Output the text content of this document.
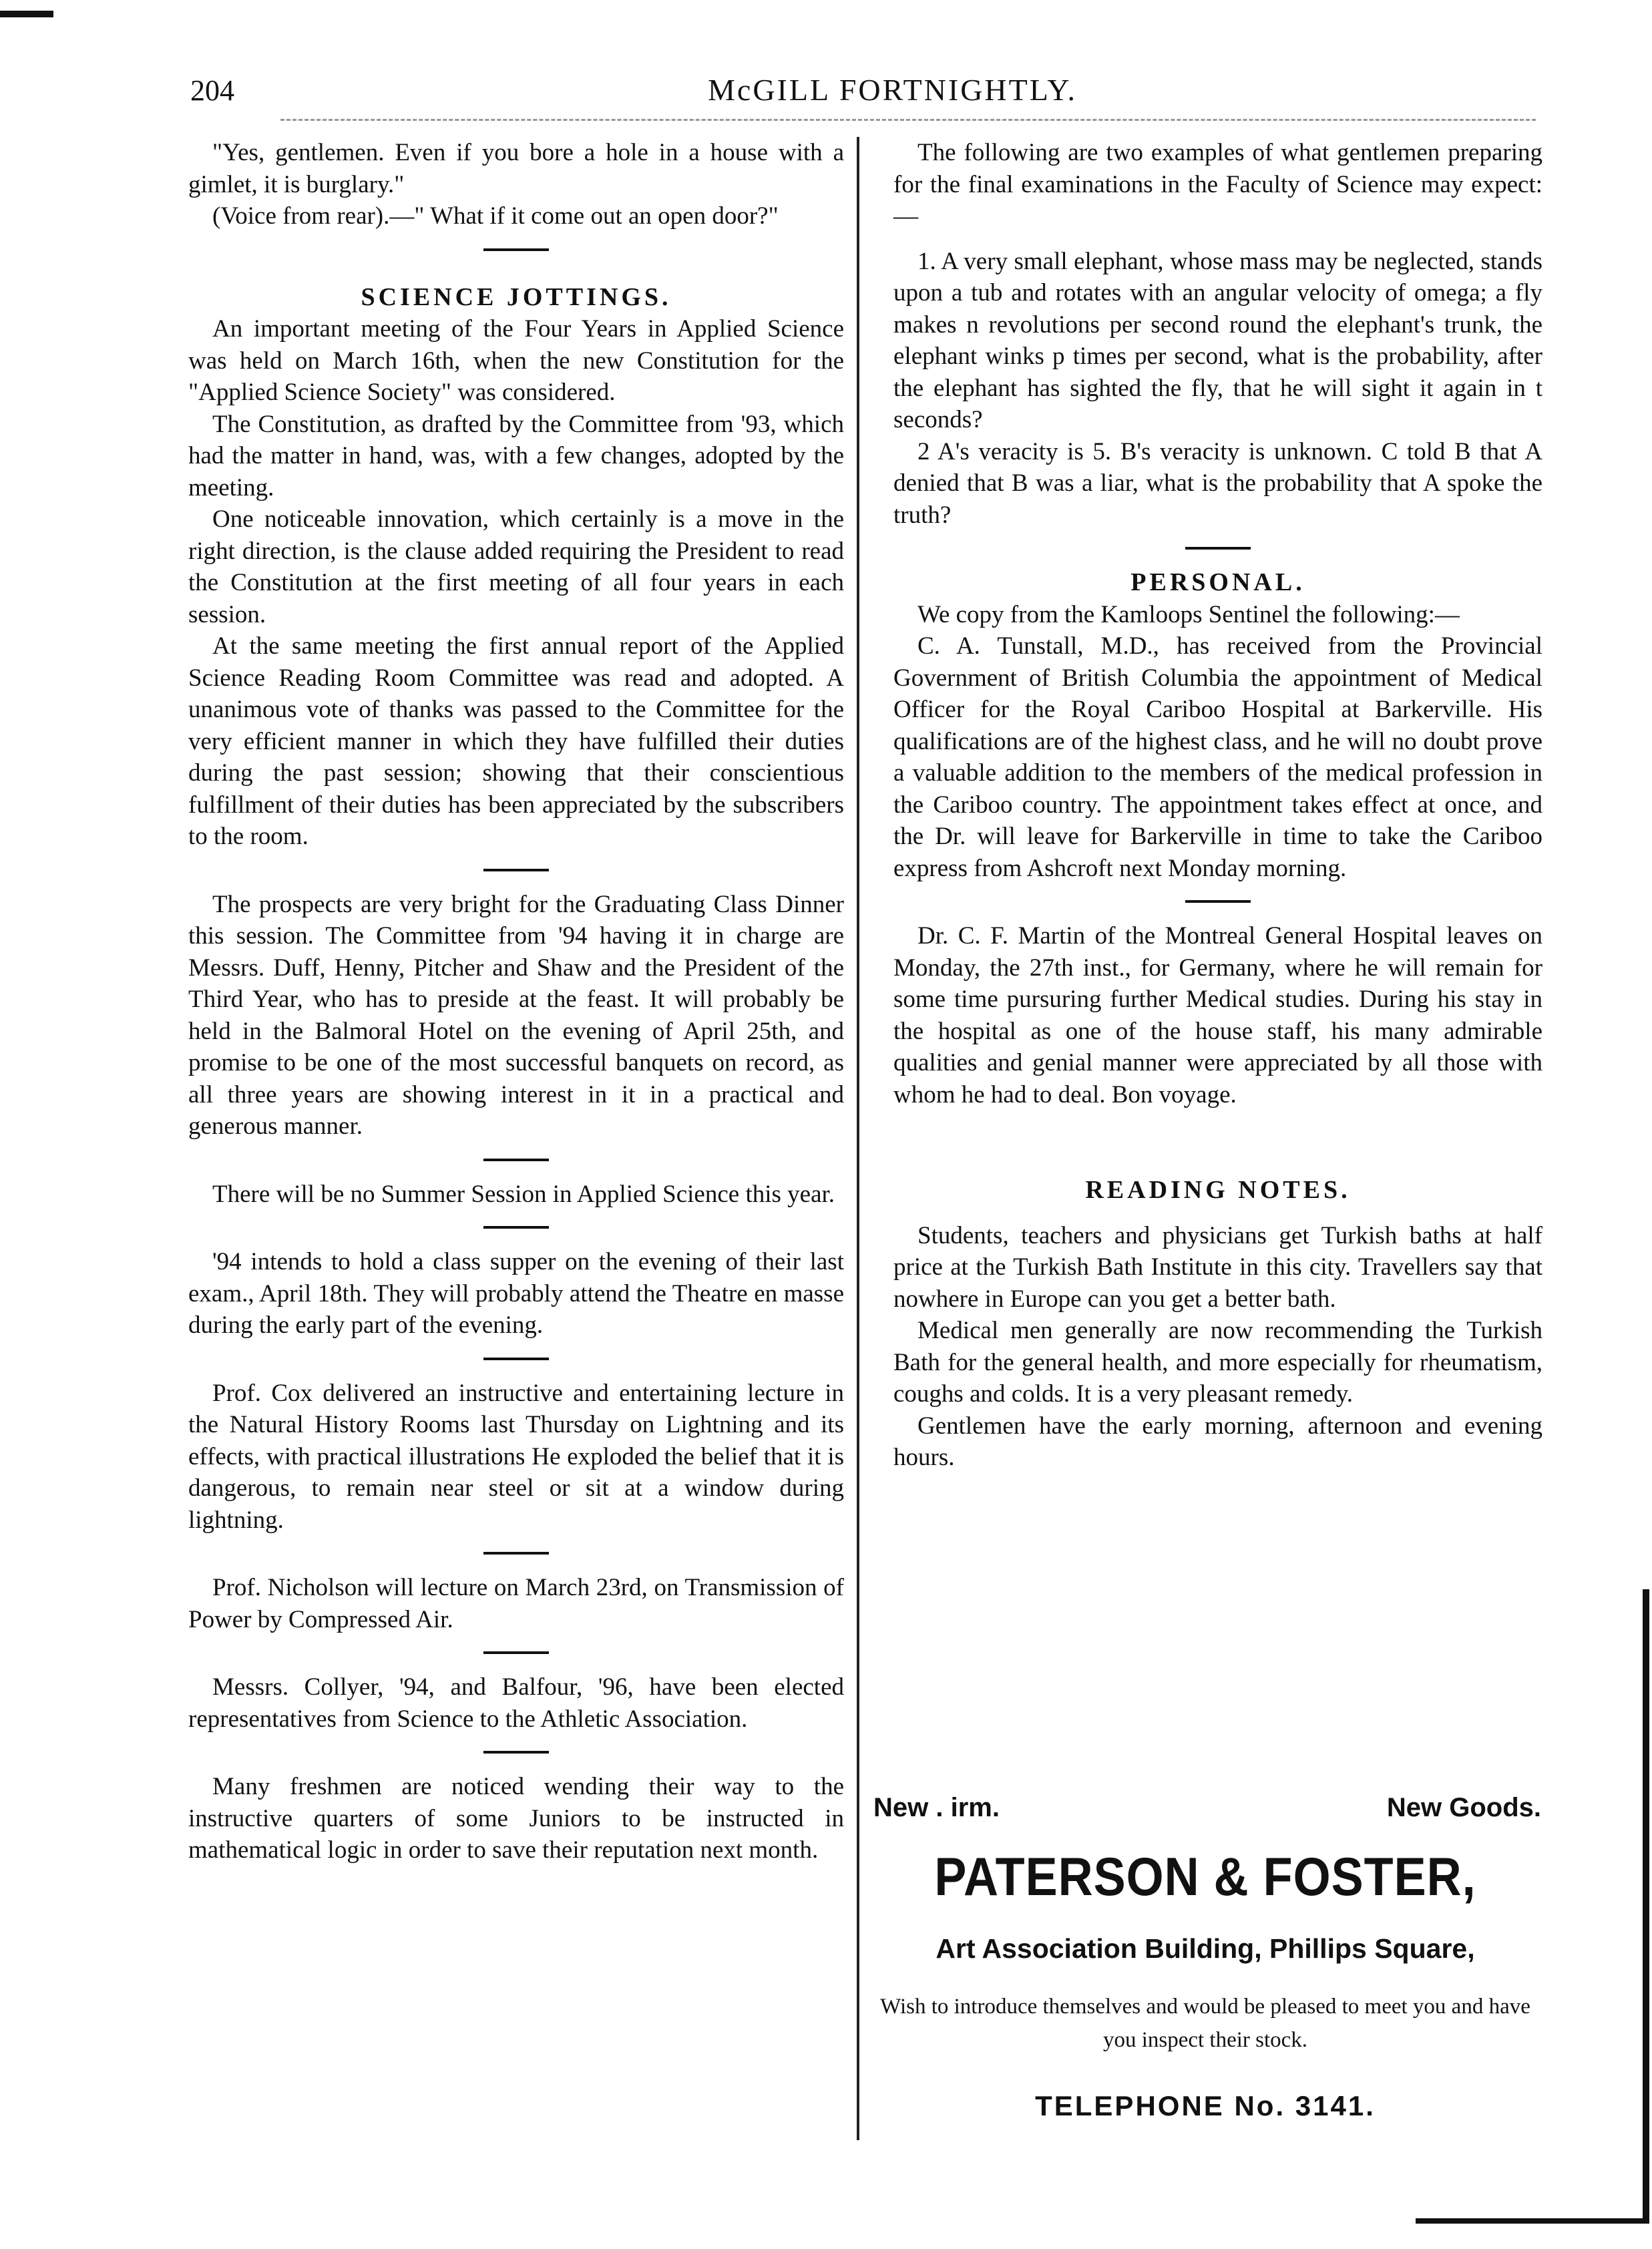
204	McGILL FORTNIGHTLY.

"Yes, gentlemen. Even if you bore a hole in a house with a gimlet, it is burglary."

(Voice from rear).—" What if it come out an open door?"

SCIENCE JOTTINGS.

An important meeting of the Four Years in Applied Science was held on March 16th, when the new Constitution for the "Applied Science Society" was considered.

The Constitution, as drafted by the Committee from '93, which had the matter in hand, was, with a few changes, adopted by the meeting.

One noticeable innovation, which certainly is a move in the right direction, is the clause added requiring the President to read the Constitution at the first meeting of all four years in each session.

At the same meeting the first annual report of the Applied Science Reading Room Committee was read and adopted. A unanimous vote of thanks was passed to the Committee for the very efficient manner in which they have fulfilled their duties during the past session; showing that their conscientious fulfillment of their duties has been appreciated by the subscribers to the room.

The prospects are very bright for the Graduating Class Dinner this session. The Committee from '94 having it in charge are Messrs. Duff, Henny, Pitcher and Shaw and the President of the Third Year, who has to preside at the feast. It will probably be held in the Balmoral Hotel on the evening of April 25th, and promise to be one of the most successful banquets on record, as all three years are showing interest in it in a practical and generous manner.

There will be no Summer Session in Applied Science this year.

'94 intends to hold a class supper on the evening of their last exam., April 18th. They will probably attend the Theatre en masse during the early part of the evening.

Prof. Cox delivered an instructive and entertaining lecture in the Natural History Rooms last Thursday on Lightning and its effects, with practical illustrations He exploded the belief that it is dangerous, to remain near steel or sit at a window during lightning.

Prof. Nicholson will lecture on March 23rd, on Transmission of Power by Compressed Air.

Messrs. Collyer, '94, and Balfour, '96, have been elected representatives from Science to the Athletic Association.

Many freshmen are noticed wending their way to the instructive quarters of some Juniors to be instructed in mathematical logic in order to save their reputation next month.

The following are two examples of what gentlemen preparing for the final examinations in the Faculty of Science may expect:—

1. A very small elephant, whose mass may be neglected, stands upon a tub and rotates with an angular velocity of omega; a fly makes n revolutions per second round the elephant's trunk, the elephant winks p times per second, what is the probability, after the elephant has sighted the fly, that he will sight it again in t seconds?

2 A's veracity is 5. B's veracity is unknown. C told B that A denied that B was a liar, what is the probability that A spoke the truth?

PERSONAL.

We copy from the Kamloops Sentinel the following:—

C. A. Tunstall, M.D., has received from the Provincial Government of British Columbia the appointment of Medical Officer for the Royal Cariboo Hospital at Barkerville. His qualifications are of the highest class, and he will no doubt prove a valuable addition to the members of the medical profession in the Cariboo country. The appointment takes effect at once, and the Dr. will leave for Barkerville in time to take the Cariboo express from Ashcroft next Monday morning.

Dr. C. F. Martin of the Montreal General Hospital leaves on Monday, the 27th inst., for Germany, where he will remain for some time pursuring further Medical studies. During his stay in the hospital as one of the house staff, his many admirable qualities and genial manner were appreciated by all those with whom he had to deal. Bon voyage.

READING NOTES.

Students, teachers and physicians get Turkish baths at half price at the Turkish Bath Institute in this city. Travellers say that nowhere in Europe can you get a better bath.

Medical men generally are now recommending the Turkish Bath for the general health, and more especially for rheumatism, coughs and colds. It is a very pleasant remedy.

Gentlemen have the early morning, afternoon and evening hours.

New . irm.	New Goods.
PATERSON & FOSTER,
Art Association Building, Phillips Square,
Wish to introduce themselves and would be pleased to meet you and have you inspect their stock.
TELEPHONE No. 3141.
